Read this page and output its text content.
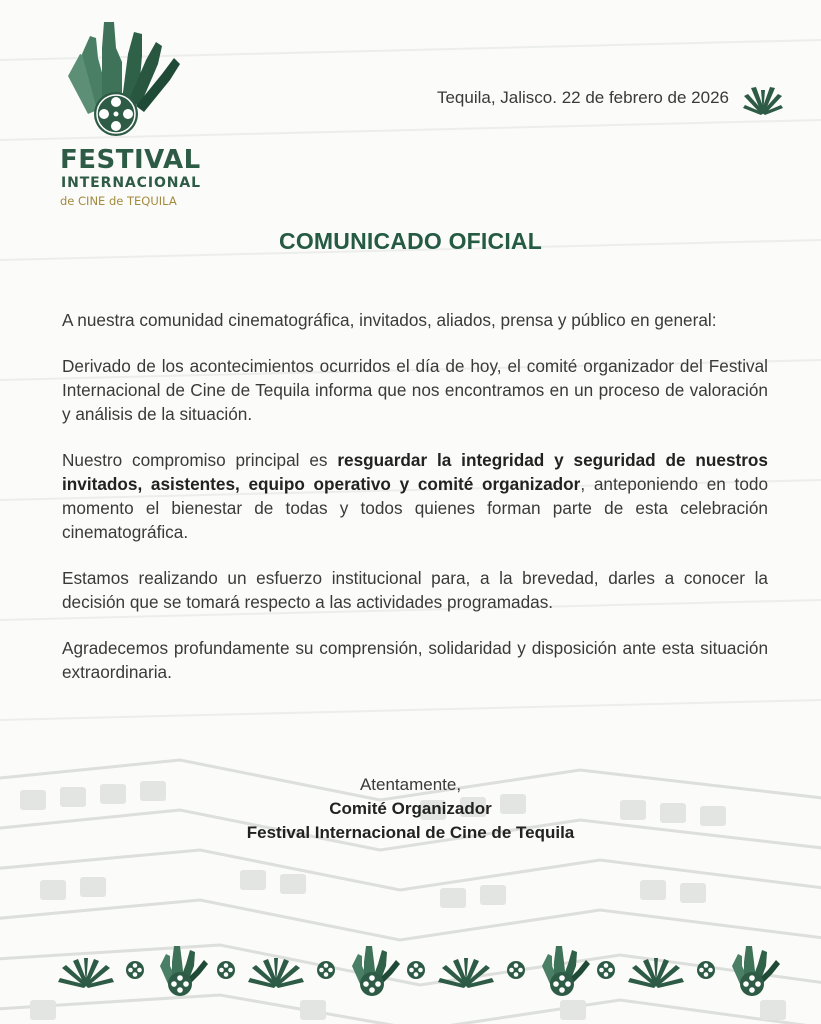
FESTIVAL
INTERNACIONAL
de CINE de TEQUILA
Tequila, Jalisco. 22 de febrero de 2026
COMUNICADO OFICIAL

A nuestra comunidad cinematográfica, invitados, aliados, prensa y público en general:

Derivado de los acontecimientos ocurridos el día de hoy, el comité organizador del Festival Internacional de Cine de Tequila informa que nos encontramos en un proceso de valoración y análisis de la situación.

Nuestro compromiso principal es resguardar la integridad y seguridad de nuestros invitados, asistentes, equipo operativo y comité organizador, anteponiendo en todo momento el bienestar de todas y todos quienes forman parte de esta celebración cinematográfica.

Estamos realizando un esfuerzo institucional para, a la brevedad, darles a conocer la decisión que se tomará respecto a las actividades programadas.

Agradecemos profundamente su comprensión, solidaridad y disposición ante esta situación extraordinaria.

Atentamente,
Comité Organizador
Festival Internacional de Cine de Tequila
